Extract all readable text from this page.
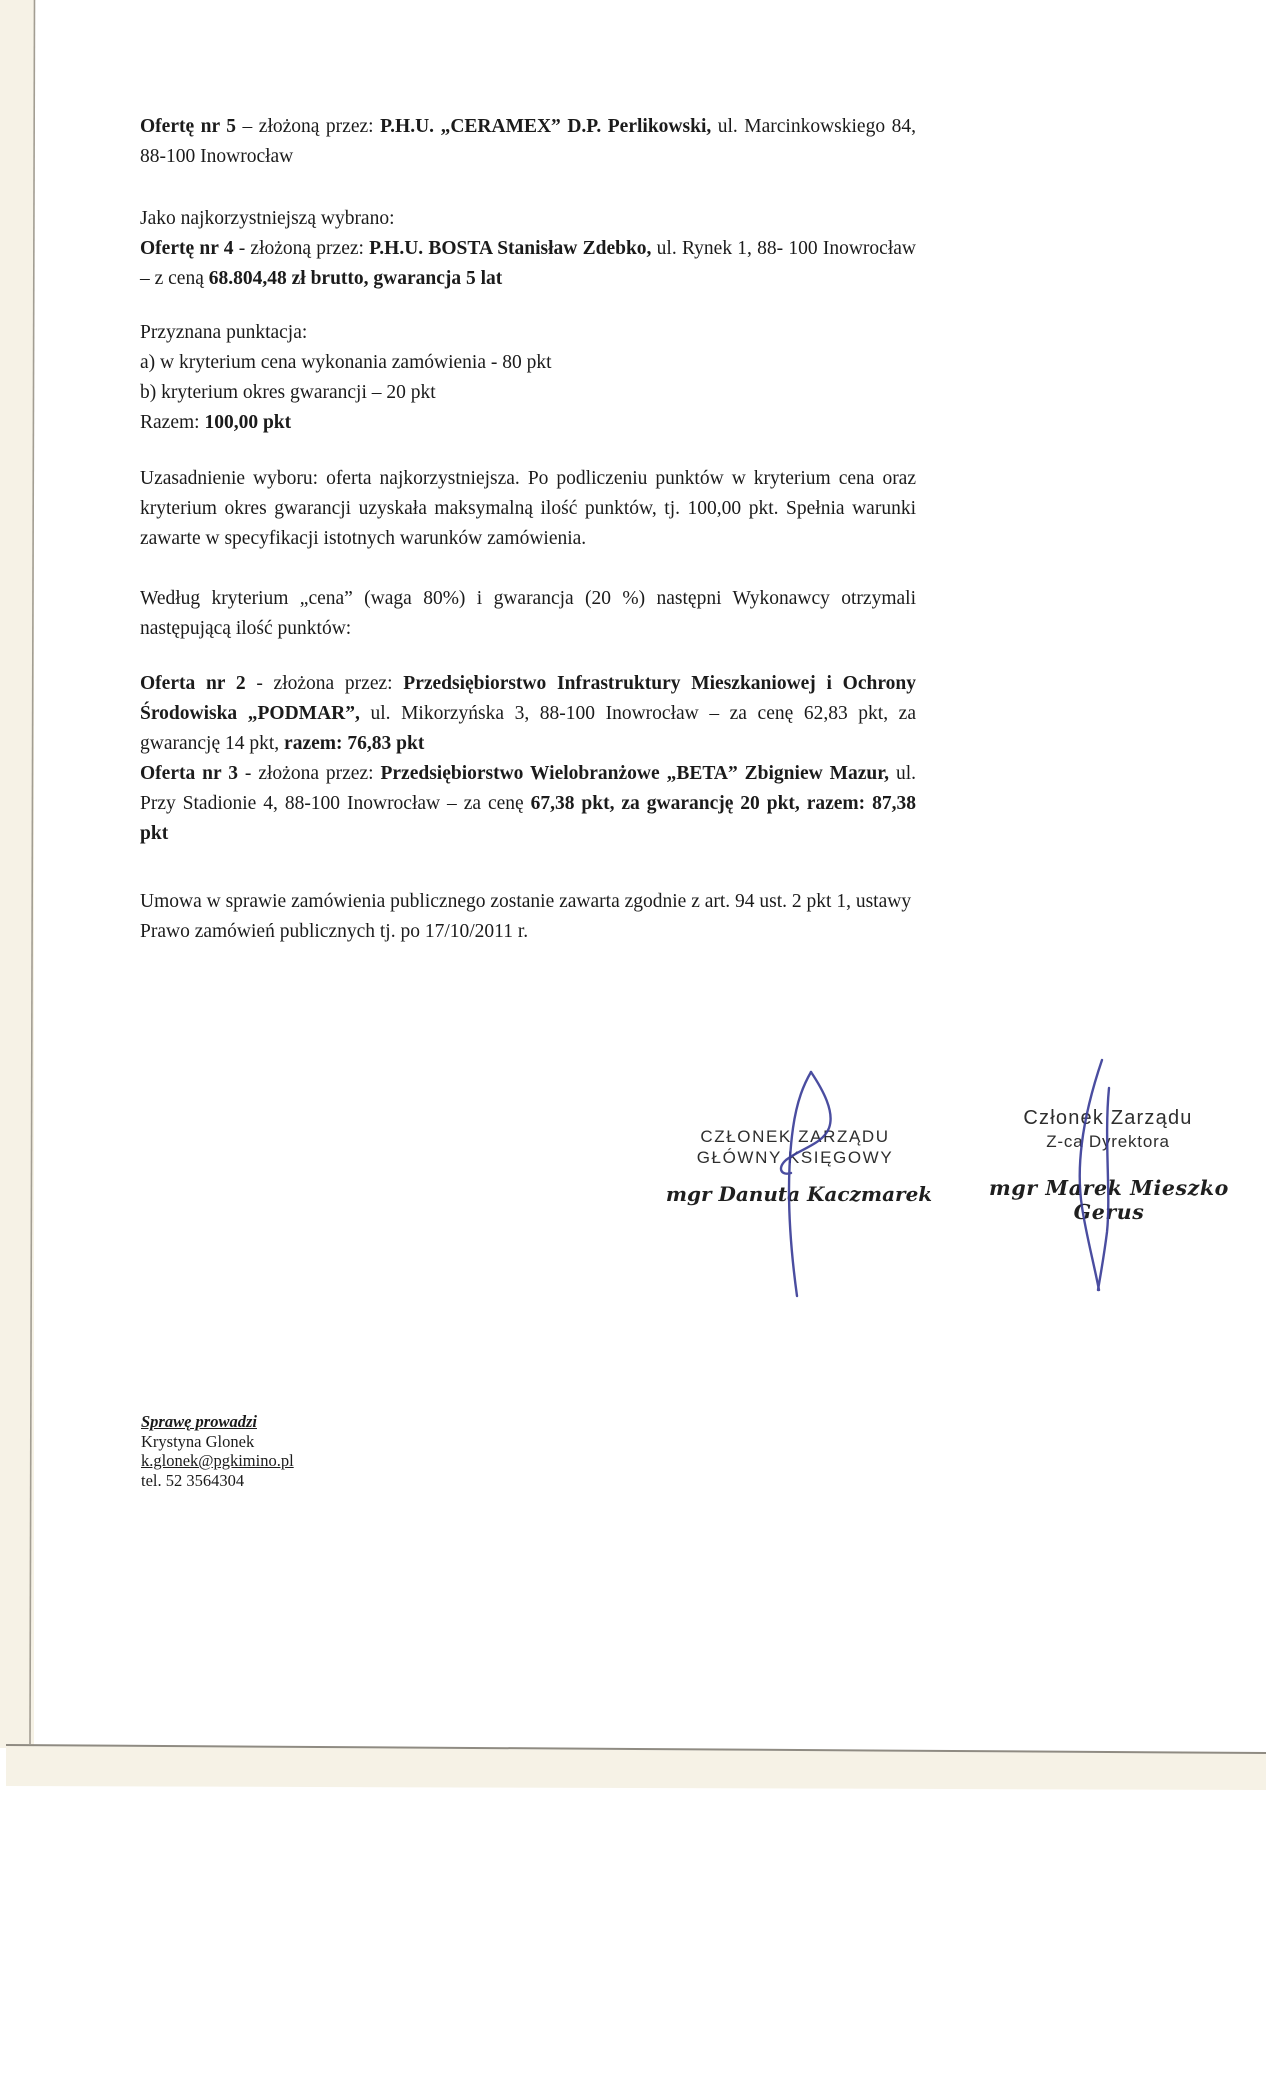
Ofertę nr 5 – złożoną przez: P.H.U. „CERAMEX” D.P. Perlikowski, ul. Marcinkowskiego 84, 88-100 Inowrocław
Jako najkorzystniejszą wybrano:
Ofertę nr 4 - złożoną przez: P.H.U. BOSTA Stanisław Zdebko, ul. Rynek 1, 88- 100 Inowrocław – z ceną 68.804,48 zł brutto, gwarancja 5 lat
Przyznana punktacja:
a) w kryterium cena wykonania zamówienia - 80 pkt
b) kryterium okres gwarancji – 20 pkt
Razem: 100,00 pkt
Uzasadnienie wyboru: oferta najkorzystniejsza. Po podliczeniu punktów w kryterium cena oraz kryterium okres gwarancji uzyskała maksymalną ilość punktów, tj. 100,00 pkt. Spełnia warunki zawarte w specyfikacji istotnych warunków zamówienia.
Według kryterium „cena” (waga 80%) i gwarancja (20 %) następni Wykonawcy otrzymali następującą ilość punktów:
Oferta nr 2 - złożona przez: Przedsiębiorstwo Infrastruktury Mieszkaniowej i Ochrony Środowiska „PODMAR”, ul. Mikorzyńska 3, 88-100 Inowrocław – za cenę 62,83 pkt, za gwarancję 14 pkt, razem: 76,83 pkt
Oferta nr 3 - złożona przez: Przedsiębiorstwo Wielobranżowe „BETA” Zbigniew Mazur, ul. Przy Stadionie 4, 88-100 Inowrocław – za cenę 67,38 pkt, za gwarancję 20 pkt, razem: 87,38 pkt
Umowa w sprawie zamówienia publicznego zostanie zawarta zgodnie z art. 94 ust. 2 pkt 1, ustawy Prawo zamówień publicznych tj. po 17/10/2011 r.
CZŁONEK ZARZĄDU
GŁÓWNY KSIĘGOWY
mgr Danuta Kaczmarek
Członek Zarządu
Z-ca Dyrektora
mgr Marek Mieszko Gerus
Sprawę prowadzi
Krystyna Glonek
k.glonek@pgkimino.pl
tel. 52 3564304
